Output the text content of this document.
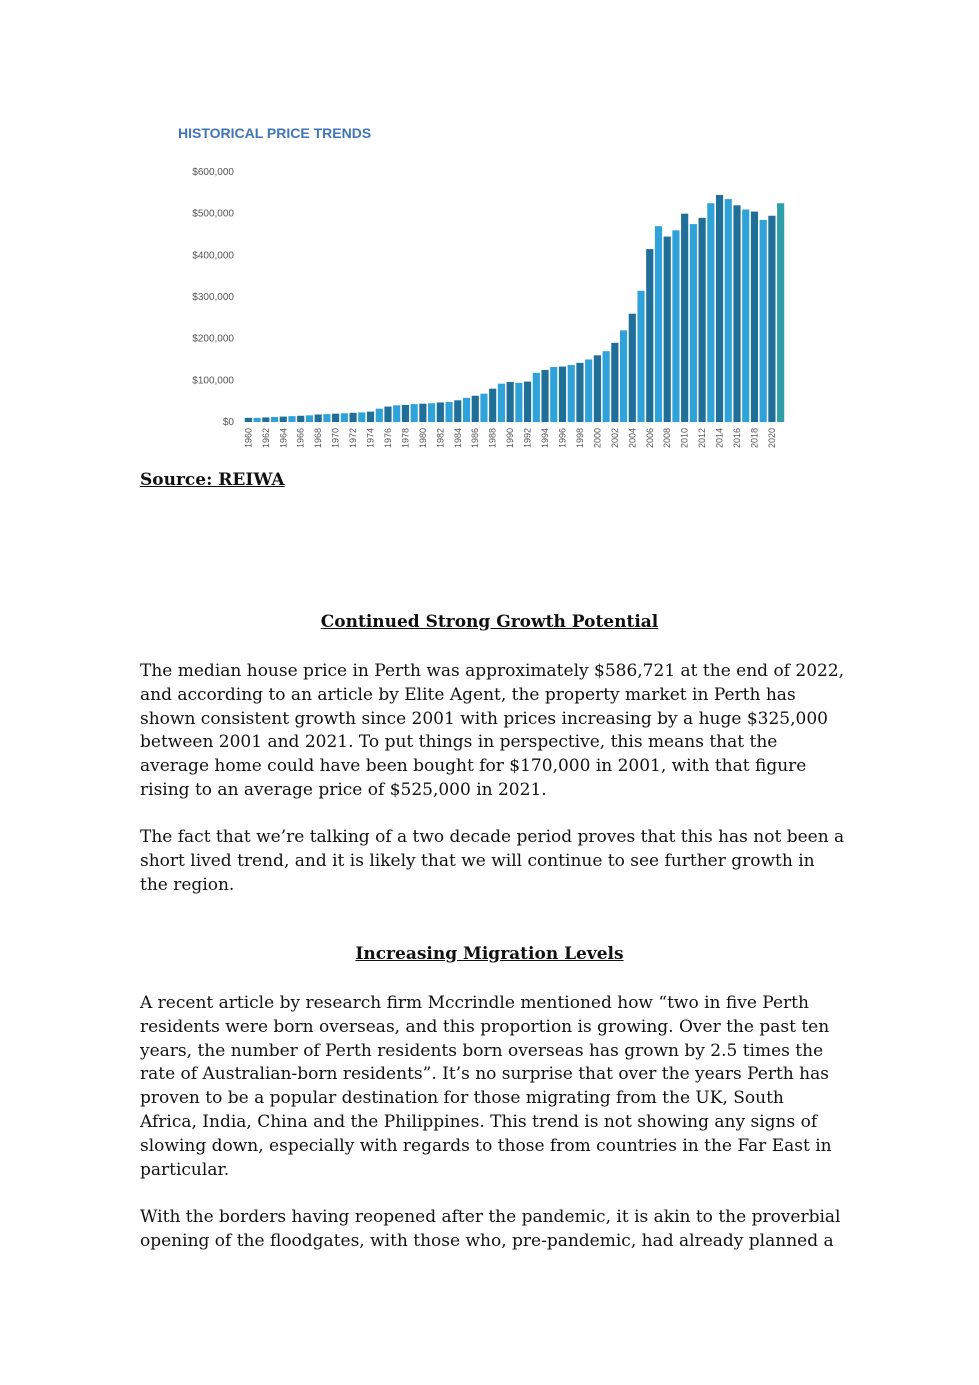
HISTORICAL PRICE TRENDS
$0
$100,000
$200,000
$300,000
$400,000
$500,000
$600,000
1960 1962 1964 1966 1968 1970 1972 1974 1976 1978 1980 1982 1984 1986 1988 1990 1992 1994 1996 1998 2000 2002 2004 2006 2008 2010 2012 2014 2016 2018 2020
Source: REIWA
Continued Strong Growth Potential

The median house price in Perth was approximately $586,721 at the end of 2022, and according to an article by Elite Agent, the property market in Perth has shown consistent growth since 2001 with prices increasing by a huge $325,000 between 2001 and 2021. To put things in perspective, this means that the average home could have been bought for $170,000 in 2001, with that figure rising to an average price of $525,000 in 2021.

The fact that we’re talking of a two decade period proves that this has not been a short lived trend, and it is likely that we will continue to see further growth in the region.

Increasing Migration Levels

A recent article by research firm Mccrindle mentioned how “two in five Perth residents were born overseas, and this proportion is growing. Over the past ten years, the number of Perth residents born overseas has grown by 2.5 times the rate of Australian-born residents”. It’s no surprise that over the years Perth has proven to be a popular destination for those migrating from the UK, South Africa, India, China and the Philippines. This trend is not showing any signs of slowing down, especially with regards to those from countries in the Far East in particular.

With the borders having reopened after the pandemic, it is akin to the proverbial opening of the floodgates, with those who, pre-pandemic, had already planned a
